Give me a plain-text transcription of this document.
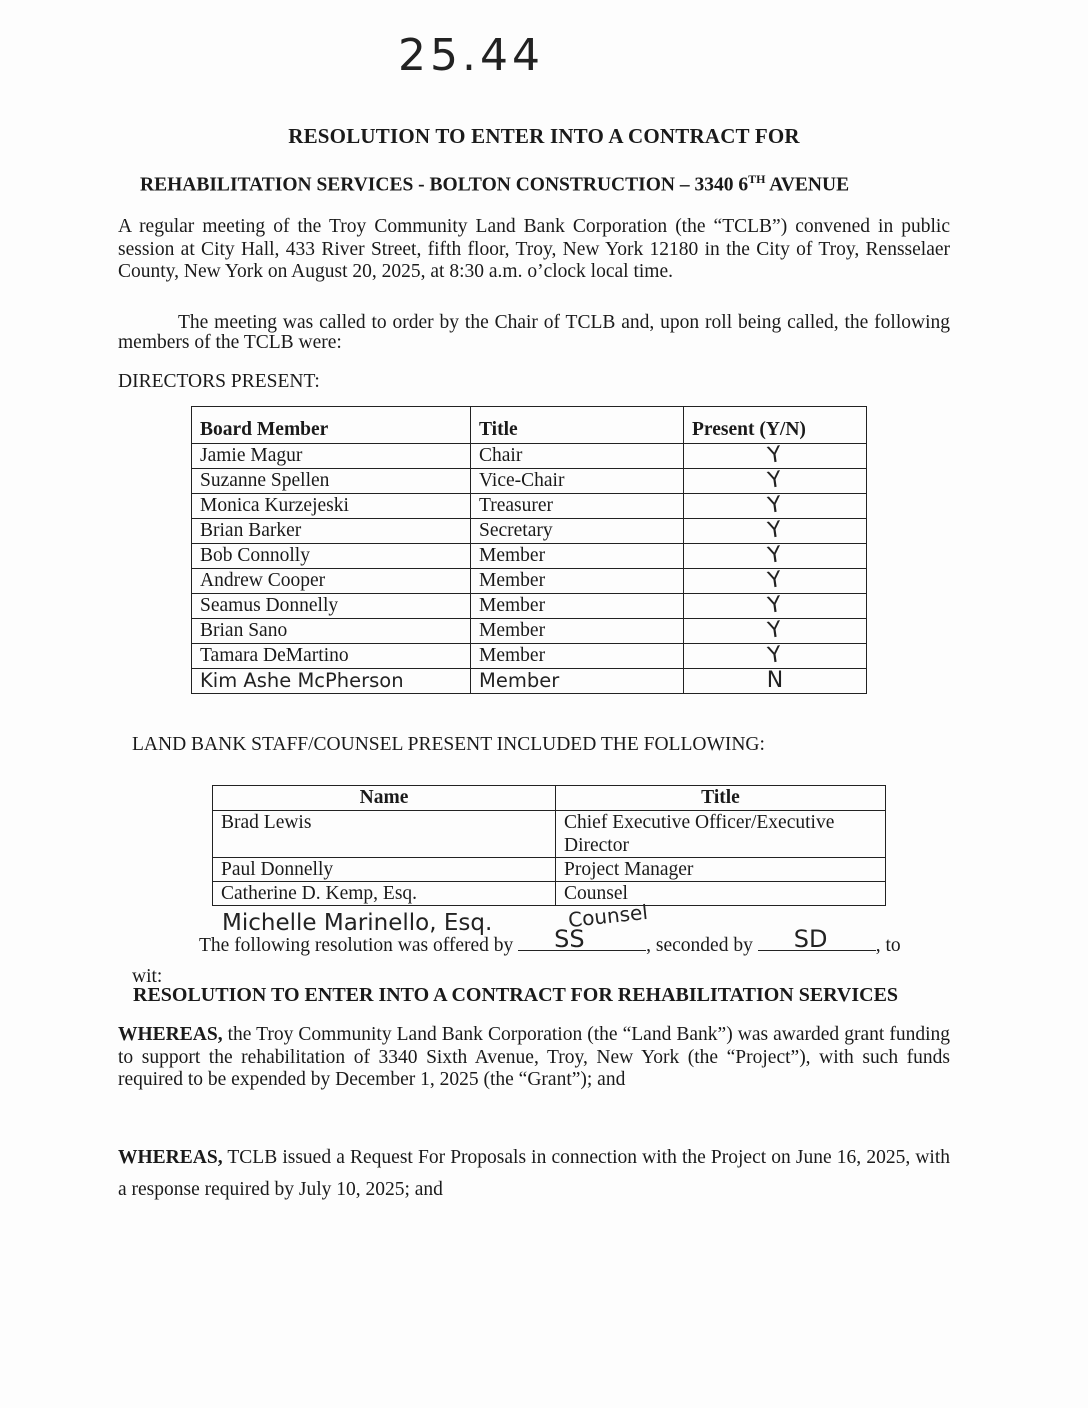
25.44
RESOLUTION TO ENTER INTO A CONTRACT FOR
REHABILITATION SERVICES - BOLTON CONSTRUCTION – 3340 6TH AVENUE
A regular meeting of the Troy Community Land Bank Corporation (the “TCLB”) convened in public session at City Hall, 433 River Street, fifth floor, Troy, New York 12180 in the City of Troy, Rensselaer County, New York on August 20, 2025, at 8:30 a.m. o’clock local time.
The meeting was called to order by the Chair of TCLB and, upon roll being called, the following members of the TCLB were:
DIRECTORS PRESENT:
Board Member	Title	Present (Y/N)
Jamie Magur	Chair	Y
Suzanne Spellen	Vice-Chair	Y
Monica Kurzejeski	Treasurer	Y
Brian Barker	Secretary	Y
Bob Connolly	Member	Y
Andrew Cooper	Member	Y
Seamus Donnelly	Member	Y
Brian Sano	Member	Y
Tamara DeMartino	Member	Y
Kim Ashe McPherson	Member	N
LAND BANK STAFF/COUNSEL PRESENT INCLUDED THE FOLLOWING:
Name	Title
Brad Lewis	Chief Executive Officer/Executive Director
Paul Donnelly	Project Manager
Catherine D. Kemp, Esq.	Counsel
Michelle Marinello, Esq.	Counsel
The following resolution was offered by SS	, seconded by SD , to
wit:
RESOLUTION TO ENTER INTO A CONTRACT FOR REHABILITATION SERVICES
WHEREAS, the Troy Community Land Bank Corporation (the “Land Bank”) was awarded grant funding to support the rehabilitation of 3340 Sixth Avenue, Troy, New York (the “Project”), with such funds required to be expended by December 1, 2025 (the “Grant”); and
WHEREAS, TCLB issued a Request For Proposals in connection with the Project on June 16, 2025, with a response required by July 10, 2025; and
